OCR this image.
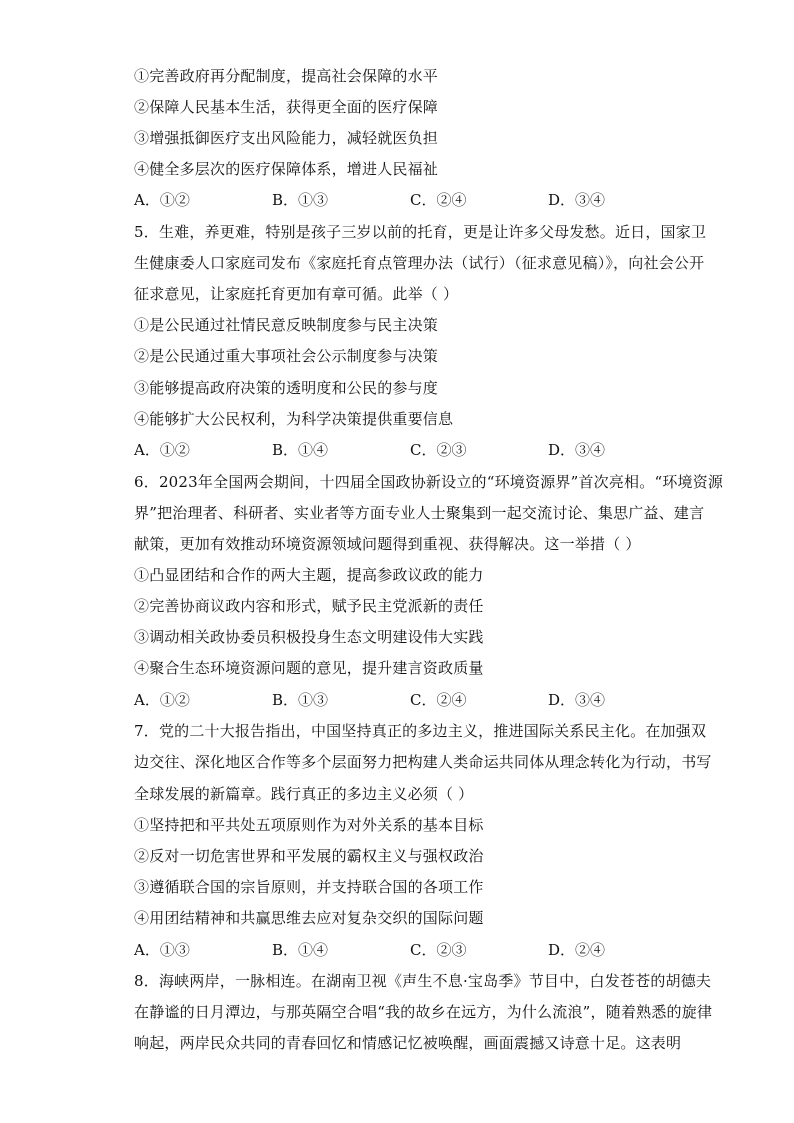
①完善政府再分配制度，提高社会保障的水平
②保障人民基本生活，获得更全面的医疗保障
③增强抵御医疗支出风险能力，减轻就医负担
④健全多层次的医疗保障体系，增进人民福祉
A．①②	B．①③	C．②④	D．③④
5．生难，养更难，特别是孩子三岁以前的托育，更是让许多父母发愁。近日，国家卫
生健康委人口家庭司发布《家庭托育点管理办法（试行）（征求意见稿）》，向社会公开
征求意见，让家庭托育更加有章可循。此举（ ）
①是公民通过社情民意反映制度参与民主决策
②是公民通过重大事项社会公示制度参与决策
③能够提高政府决策的透明度和公民的参与度
④能够扩大公民权利，为科学决策提供重要信息
A．①②	B．①④	C．②③	D．③④
6．2023年全国两会期间，十四届全国政协新设立的“环境资源界”首次亮相。“环境资源
界”把治理者、科研者、实业者等方面专业人士聚集到一起交流讨论、集思广益、建言
献策，更加有效推动环境资源领域问题得到重视、获得解决。这一举措（ ）
①凸显团结和合作的两大主题，提高参政议政的能力
②完善协商议政内容和形式，赋予民主党派新的责任
③调动相关政协委员积极投身生态文明建设伟大实践
④聚合生态环境资源问题的意见，提升建言资政质量
A．①②	B．①③	C．②④	D．③④
7．党的二十大报告指出，中国坚持真正的多边主义，推进国际关系民主化。在加强双
边交往、深化地区合作等多个层面努力把构建人类命运共同体从理念转化为行动，书写
全球发展的新篇章。践行真正的多边主义必须（ ）
①坚持把和平共处五项原则作为对外关系的基本目标
②反对一切危害世界和平发展的霸权主义与强权政治
③遵循联合国的宗旨原则，并支持联合国的各项工作
④用团结精神和共赢思维去应对复杂交织的国际问题
A．①③	B．①④	C．②③	D．②④
8．海峡两岸，一脉相连。在湖南卫视《声生不息·宝岛季》节目中，白发苍苍的胡德夫
在静谧的日月潭边，与那英隔空合唱“我的故乡在远方，为什么流浪”，随着熟悉的旋律
响起，两岸民众共同的青春回忆和情感记忆被唤醒，画面震撼又诗意十足。这表明
